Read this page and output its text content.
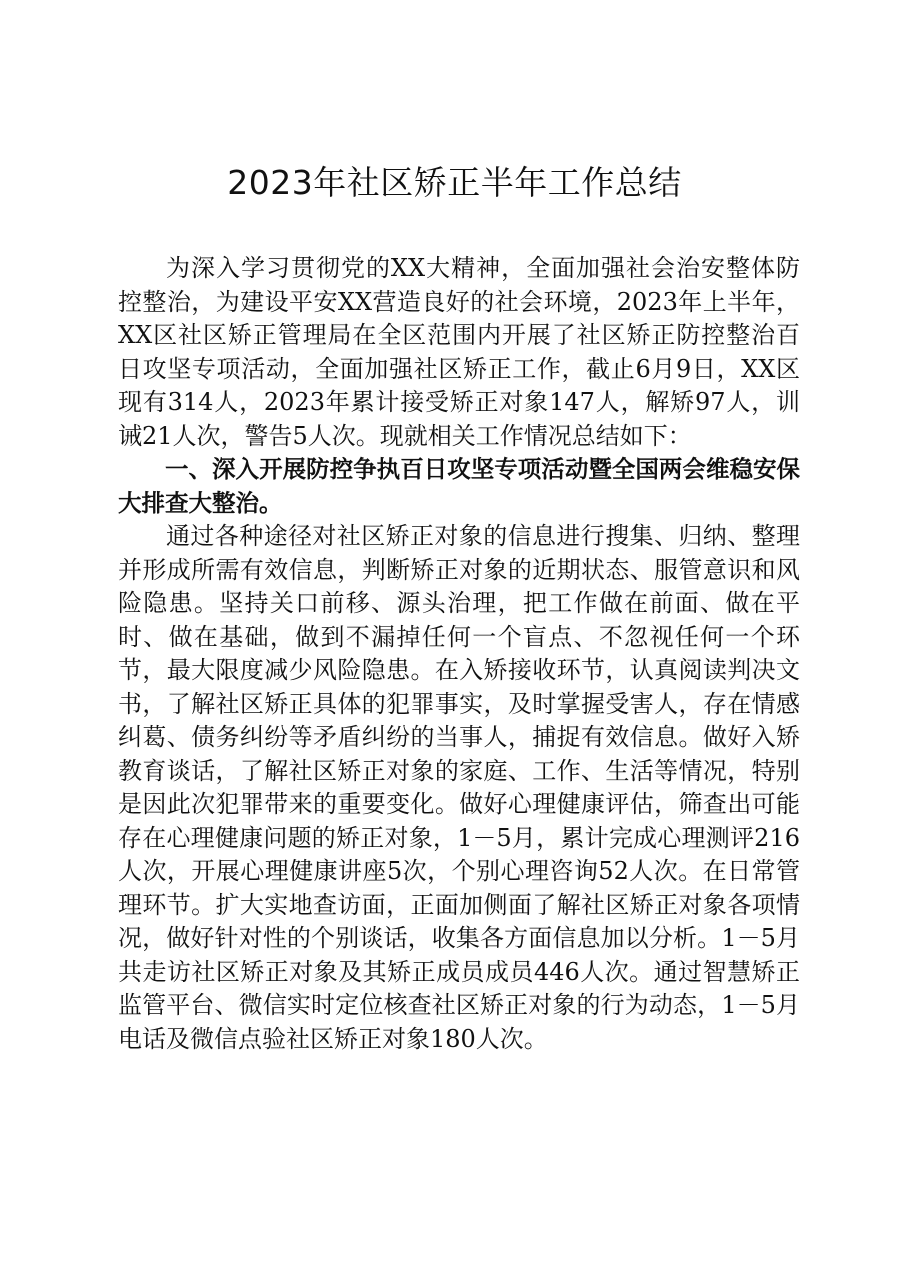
2023年社区矫正半年工作总结

为深入学习贯彻党的XX大精神，全面加强社会治安整体防控整治，为建设平安XX营造良好的社会环境，2023年上半年，XX区社区矫正管理局在全区范围内开展了社区矫正防控整治百日攻坚专项活动，全面加强社区矫正工作，截止6月9日，XX区现有314人，2023年累计接受矫正对象147人，解矫97人，训诫21人次，警告5人次。现就相关工作情况总结如下：

一、深入开展防控争执百日攻坚专项活动暨全国两会维稳安保大排查大整治。

通过各种途径对社区矫正对象的信息进行搜集、归纳、整理并形成所需有效信息，判断矫正对象的近期状态、服管意识和风险隐患。坚持关口前移、源头治理，把工作做在前面、做在平时、做在基础，做到不漏掉任何一个盲点、不忽视任何一个环节，最大限度减少风险隐患。在入矫接收环节，认真阅读判决文书，了解社区矫正具体的犯罪事实，及时掌握受害人，存在情感纠葛、债务纠纷等矛盾纠纷的当事人，捕捉有效信息。做好入矫教育谈话，了解社区矫正对象的家庭、工作、生活等情况，特别是因此次犯罪带来的重要变化。做好心理健康评估，筛查出可能存在心理健康问题的矫正对象，1－5月，累计完成心理测评216人次，开展心理健康讲座5次，个别心理咨询52人次。在日常管理环节。扩大实地查访面，正面加侧面了解社区矫正对象各项情况，做好针对性的个别谈话，收集各方面信息加以分析。1－5月共走访社区矫正对象及其矫正成员成员446人次。通过智慧矫正监管平台、微信实时定位核查社区矫正对象的行为动态，1－5月电话及微信点验社区矫正对象180人次。
